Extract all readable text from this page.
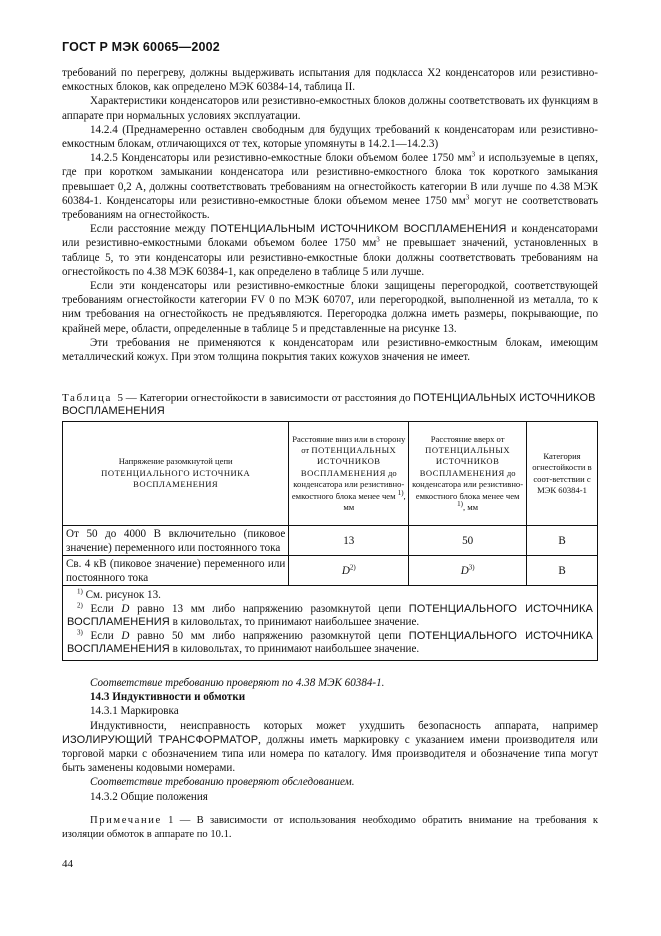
ГОСТ Р МЭК 60065—2002

требований по перегреву, должны выдерживать испытания для подкласса X2 конденсаторов или резистивно-емкостных блоков, как определено МЭК 60384-14, таблица II.

Характеристики конденсаторов или резистивно-емкостных блоков должны соответствовать их функциям в аппарате при нормальных условиях эксплуатации.

14.2.4 (Преднамеренно оставлен свободным для будущих требований к конденсаторам или резистивно-емкостным блокам, отличающихся от тех, которые упомянуты в 14.2.1—14.2.3)

14.2.5 Конденсаторы или резистивно-емкостные блоки объемом более 1750 $мм^3$ и используемые в цепях, где при коротком замыкании конденсатора или резистивно-емкостного блока ток короткого замыкания превышает 0,2 А, должны соответствовать требованиям на огнестойкость категории В или лучше по 4.38 МЭК 60384-1. Конденсаторы или резистивно-емкостные блоки объемом менее 1750 $мм^3$ могут не соответствовать требованиям на огнестойкость.

Если расстояние между ПОТЕНЦИАЛЬНЫМ ИСТОЧНИКОМ ВОСПЛАМЕНЕНИЯ и конденсаторами или резистивно-емкостными блоками объемом более 1750 $мм^3$ не превышает значений, установленных в таблице 5, то эти конденсаторы или резистивно-емкостные блоки должны соответствовать требованиям на огнестойкость по 4.38 МЭК 60384-1, как определено в таблице 5 или лучше.

Если эти конденсаторы или резистивно-емкостные блоки защищены перегородкой, соответствующей требованиям огнестойкости категории FV 0 по МЭК 60707, или перегородкой, выполненной из металла, то к ним требования на огнестойкость не предъявляются. Перегородка должна иметь размеры, покрывающие, по крайней мере, области, определенные в таблице 5 и представленные на рисунке 13.

Эти требования не применяются к конденсаторам или резистивно-емкостным блокам, имеющим металлический кожух. При этом толщина покрытия таких кожухов значения не имеет.

Таблица 5 — Категории огнестойкости в зависимости от расстояния до ПОТЕНЦИАЛЬНЫХ ИСТОЧНИКОВ ВОСПЛАМЕНЕНИЯ
Напряжение разомкнутой цепи
ПОТЕНЦИАЛЬНОГО ИСТОЧНИКА ВОСПЛАМЕНЕНИЯ	Расстояние вниз или в сторону от ПОТЕНЦИАЛЬНЫХ ИСТОЧНИКОВ ВОСПЛАМЕНЕНИЯ до конденсатора или резистивно-емкостного блока менее чем $^{1)}$, мм	Расстояние вверх от ПОТЕНЦИАЛЬНЫХ ИСТОЧНИКОВ ВОСПЛАМЕНЕНИЯ до конденсатора или резистивно-емкостного блока менее чем $^{1)}$, мм	Категория огнестойкости в соот-ветствии с МЭК 60384-1
От 50 до 4000 В включительно (пиковое значение) переменного или постоянного тока	13	50	В
Св. 4 кВ (пиковое значение) переменного или постоянного тока	$D^{2)}$	$D^{3)}$	В

$^{1)}$ См. рисунок 13.

$^{2)}$ Если D равно 13 мм либо напряжению разомкнутой цепи ПОТЕНЦИАЛЬНОГО ИСТОЧНИКА ВОСПЛАМЕНЕНИЯ в киловольтах, то принимают наибольшее значение.

$^{3)}$ Если D равно 50 мм либо напряжению разомкнутой цепи ПОТЕНЦИАЛЬНОГО ИСТОЧНИКА ВОСПЛАМЕНЕНИЯ в киловольтах, то принимают наибольшее значение.			

Соответствие требованию проверяют по 4.38 МЭК 60384-1.

14.3 Индуктивности и обмотки

14.3.1 Маркировка

Индуктивности, неисправность которых может ухудшить безопасность аппарата, например ИЗОЛИРУЮЩИЙ ТРАНСФОРМАТОР, должны иметь маркировку с указанием имени производителя или торговой марки с обозначением типа или номера по каталогу. Имя производителя и обозначение типа могут быть заменены кодовыми номерами.

Соответствие требованию проверяют обследованием.

14.3.2 Общие положения

Примечание 1 — В зависимости от использования необходимо обратить внимание на требования к изоляции обмоток в аппарате по 10.1.

44
